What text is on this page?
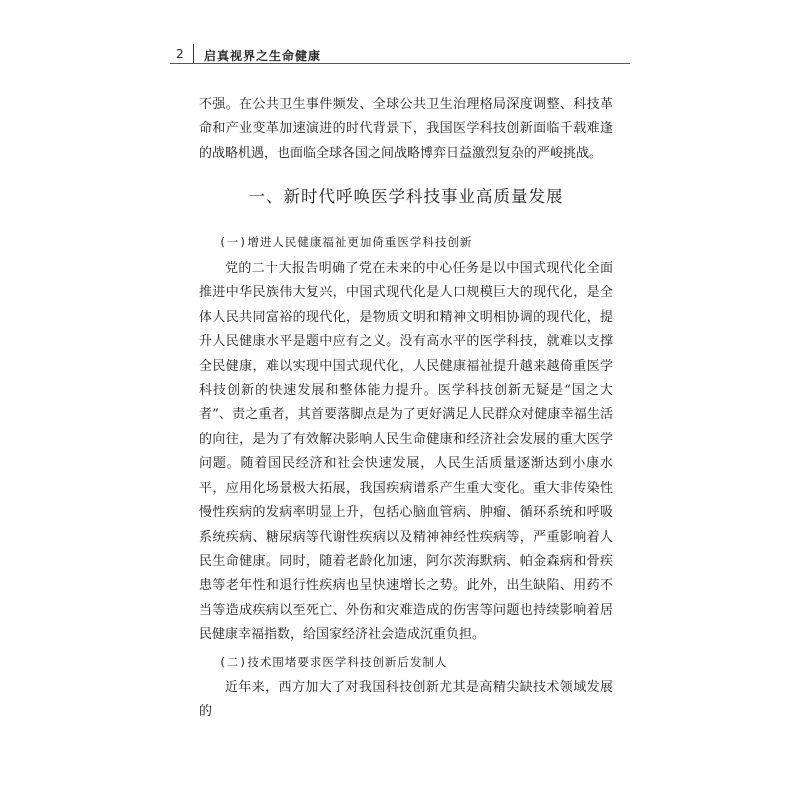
2 启真视界之生命健康

不强。在公共卫生事件频发、全球公共卫生治理格局深度调整、科技革命和产业变革加速演进的时代背景下，我国医学科技创新面临千载难逢的战略机遇，也面临全球各国之间战略博弈日益激烈复杂的严峻挑战。

一、新时代呼唤医学科技事业高质量发展

(一)增进人民健康福祉更加倚重医学科技创新

党的二十大报告明确了党在未来的中心任务是以中国式现代化全面推进中华民族伟大复兴，中国式现代化是人口规模巨大的现代化，是全体人民共同富裕的现代化，是物质文明和精神文明相协调的现代化，提升人民健康水平是题中应有之义。没有高水平的医学科技，就难以支撑全民健康，难以实现中国式现代化，人民健康福祉提升越来越倚重医学科技创新的快速发展和整体能力提升。医学科技创新无疑是“国之大者”、责之重者，其首要落脚点是为了更好满足人民群众对健康幸福生活的向往，是为了有效解决影响人民生命健康和经济社会发展的重大医学问题。随着国民经济和社会快速发展，人民生活质量逐渐达到小康水平，应用化场景极大拓展，我国疾病谱系产生重大变化。重大非传染性慢性疾病的发病率明显上升，包括心脑血管病、肿瘤、循环系统和呼吸系统疾病、糖尿病等代谢性疾病以及精神神经性疾病等，严重影响着人民生命健康。同时，随着老龄化加速，阿尔茨海默病、帕金森病和骨疾患等老年性和退行性疾病也呈快速增长之势。此外，出生缺陷、用药不当等造成疾病以至死亡、外伤和灾难造成的伤害等问题也持续影响着居民健康幸福指数，给国家经济社会造成沉重负担。

(二)技术围堵要求医学科技创新后发制人

近年来，西方加大了对我国科技创新尤其是高精尖缺技术领域发展的
